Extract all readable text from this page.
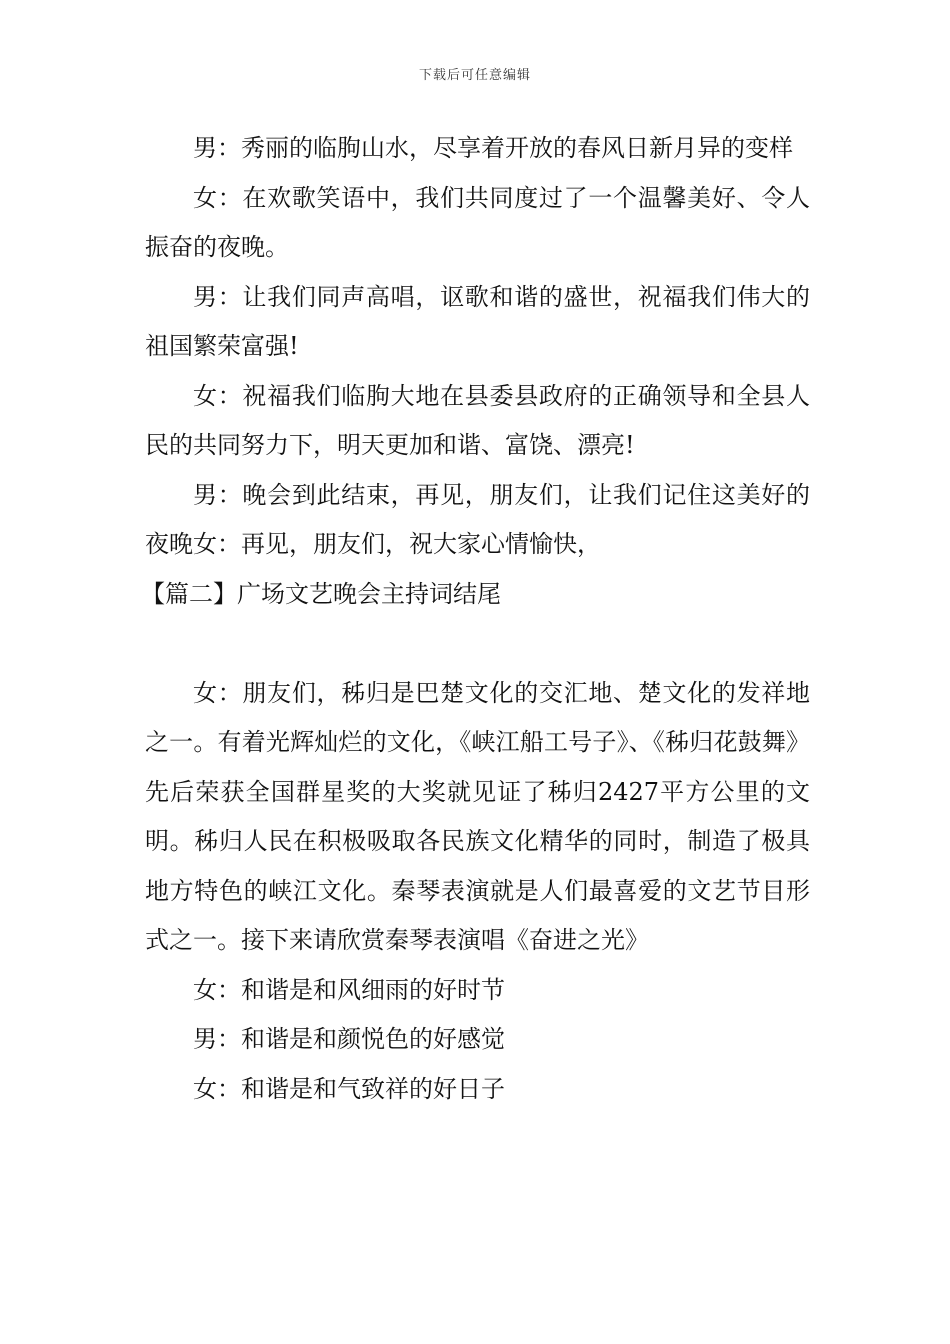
下载后可任意编辑

男：秀丽的临朐山水，尽享着开放的春风日新月异的变样

女：在欢歌笑语中，我们共同度过了一个温馨美好、令人振奋的夜晚。

男：让我们同声高唱，讴歌和谐的盛世，祝福我们伟大的祖国繁荣富强!

女：祝福我们临朐大地在县委县政府的正确领导和全县人民的共同努力下，明天更加和谐、富饶、漂亮!

男：晚会到此结束，再见，朋友们，让我们记住这美好的夜晚女：再见，朋友们，祝大家心情愉快，

【篇二】广场文艺晚会主持词结尾

女：朋友们，秭归是巴楚文化的交汇地、楚文化的发祥地之一。有着光辉灿烂的文化，《峡江船工号子》、《秭归花鼓舞》先后荣获全国群星奖的大奖就见证了秭归2427平方公里的文明。秭归人民在积极吸取各民族文化精华的同时，制造了极具地方特色的峡江文化。秦琴表演就是人们最喜爱的文艺节目形式之一。接下来请欣赏秦琴表演唱《奋进之光》

女：和谐是和风细雨的好时节

男：和谐是和颜悦色的好感觉

女：和谐是和气致祥的好日子
